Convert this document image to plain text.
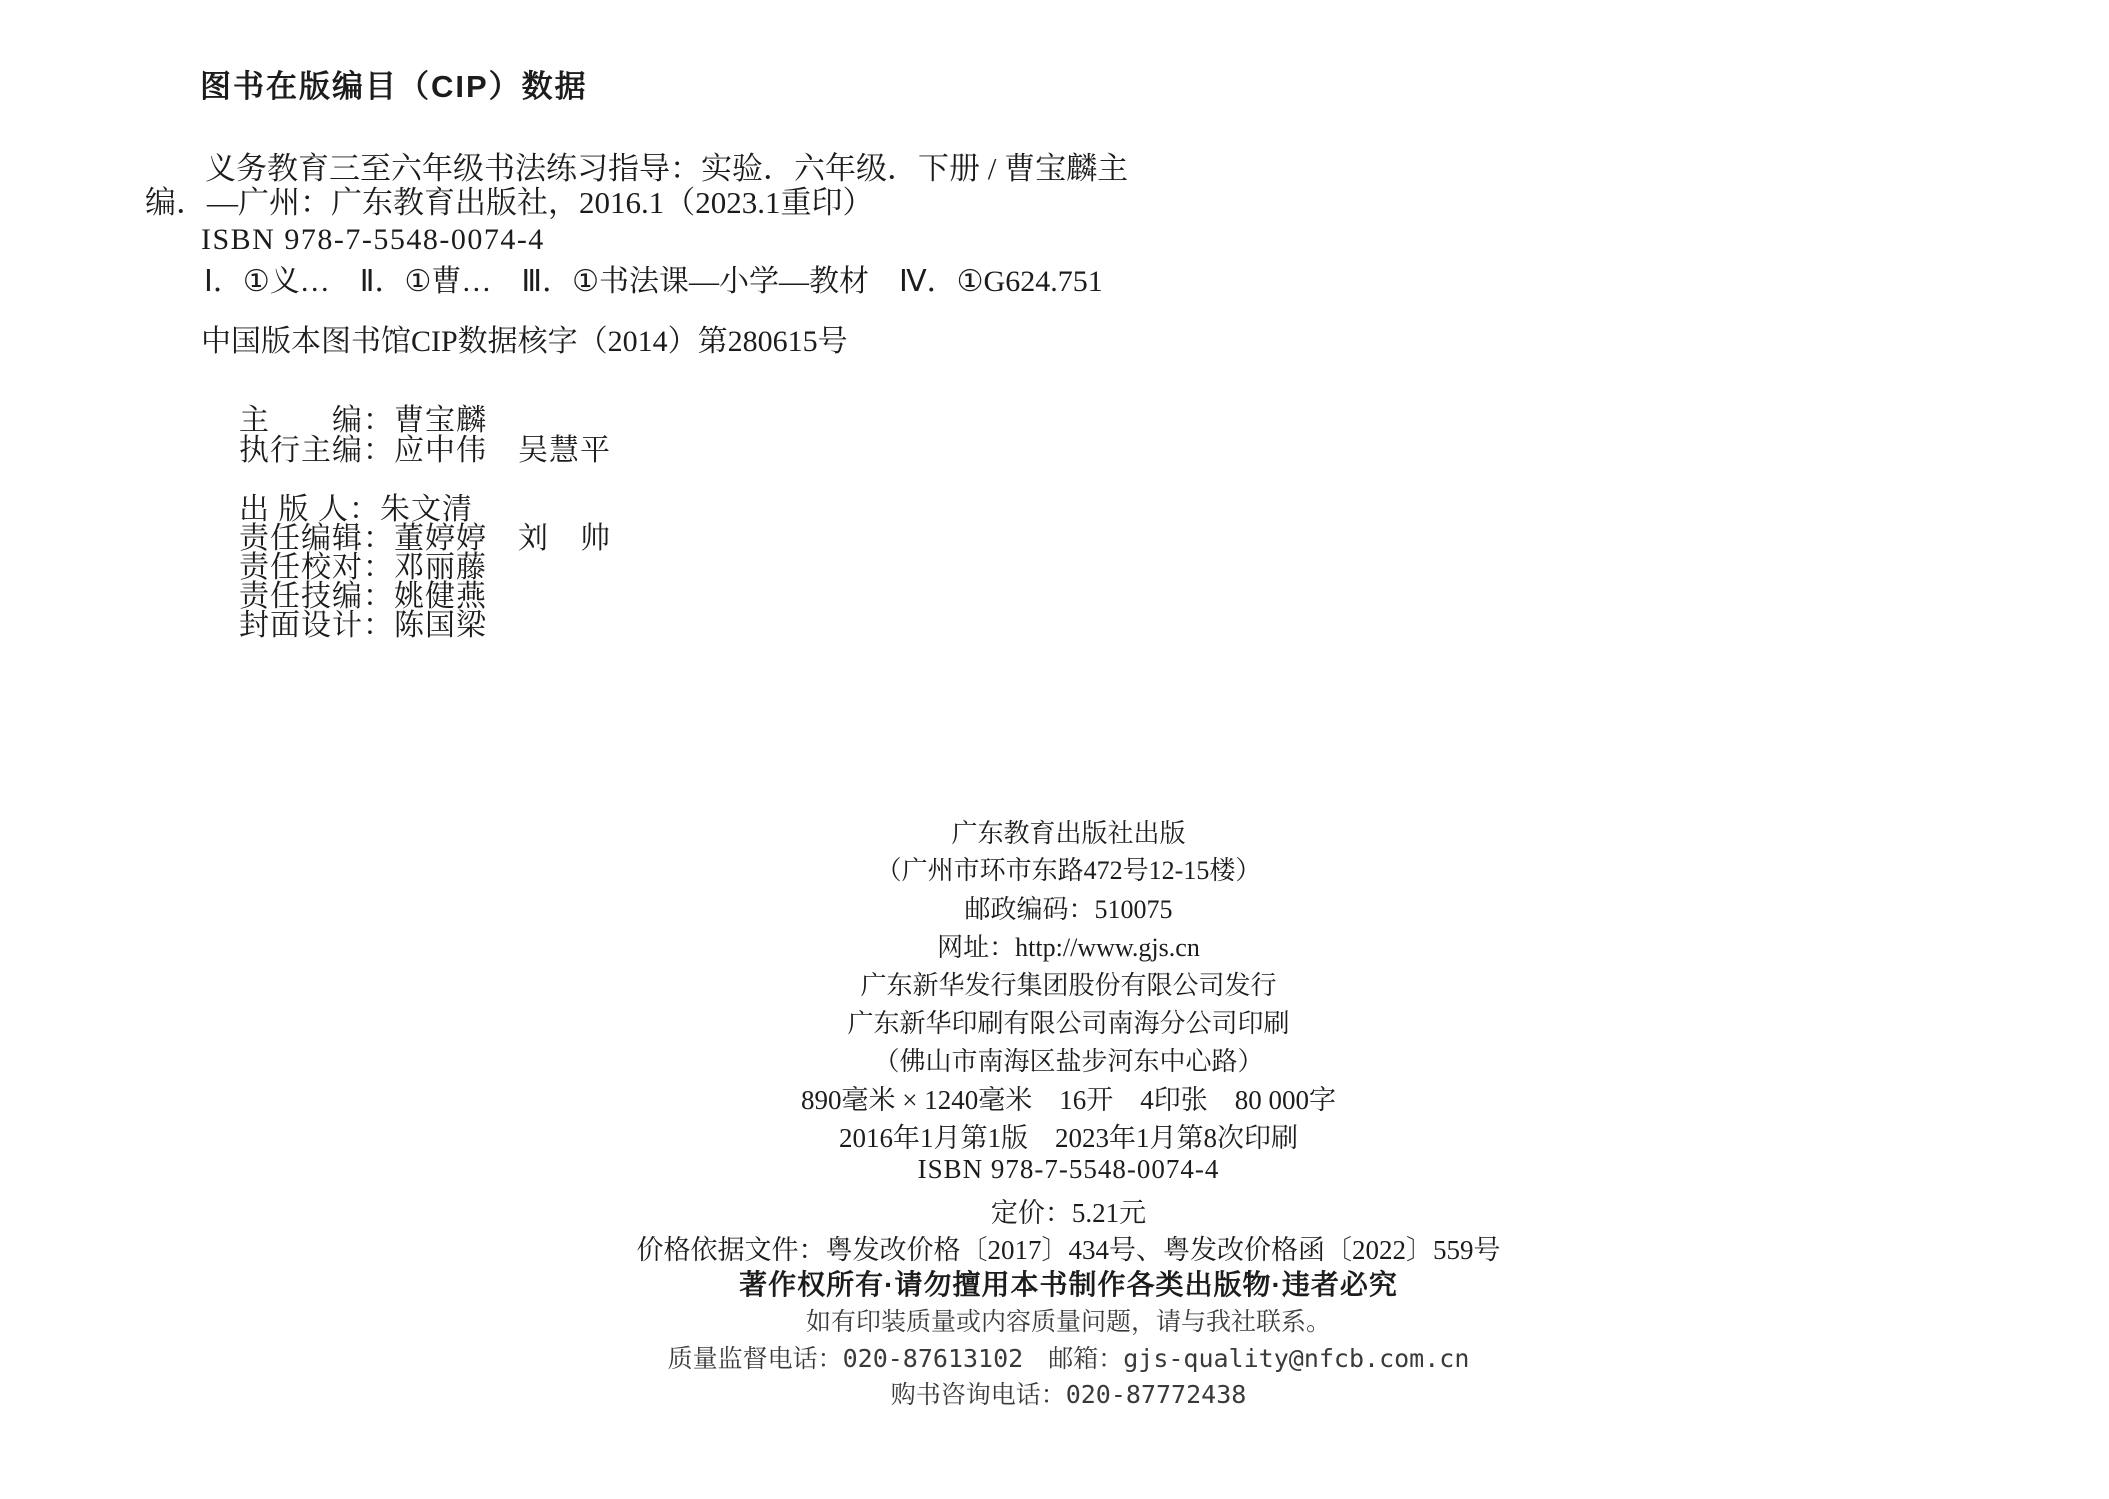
图书在版编目（CIP）数据
义务教育三至六年级书法练习指导：实验．六年级．下册 / 曹宝麟主
编．—广州：广东教育出版社，2016.1（2023.1重印）
ISBN 978-7-5548-0074-4
Ⅰ．①义…　Ⅱ．①曹…　Ⅲ．①书法课—小学—教材　Ⅳ．①G624.751
中国版本图书馆CIP数据核字（2014）第280615号

主　　编：曹宝麟

执行主编：应中伟　吴慧平

出 版 人：朱文清

责任编辑：董婷婷　刘　帅

责任校对：邓丽藤

责任技编：姚健燕

封面设计：陈国梁

广东教育出版社出版
（广州市环市东路472号12-15楼）
邮政编码：510075
网址：http://www.gjs.cn
广东新华发行集团股份有限公司发行
广东新华印刷有限公司南海分公司印刷
（佛山市南海区盐步河东中心路）
890毫米 × 1240毫米　16开　4印张　80 000字
2016年1月第1版　2023年1月第8次印刷
ISBN 978-7-5548-0074-4
定价：5.21元
价格依据文件：粤发改价格〔2017〕434号、粤发改价格函〔2022〕559号
著作权所有·请勿擅用本书制作各类出版物·违者必究
如有印装质量或内容质量问题，请与我社联系。
质量监督电话：020-87613102　邮箱：gjs-quality@nfcb.com.cn
购书咨询电话：020-87772438
